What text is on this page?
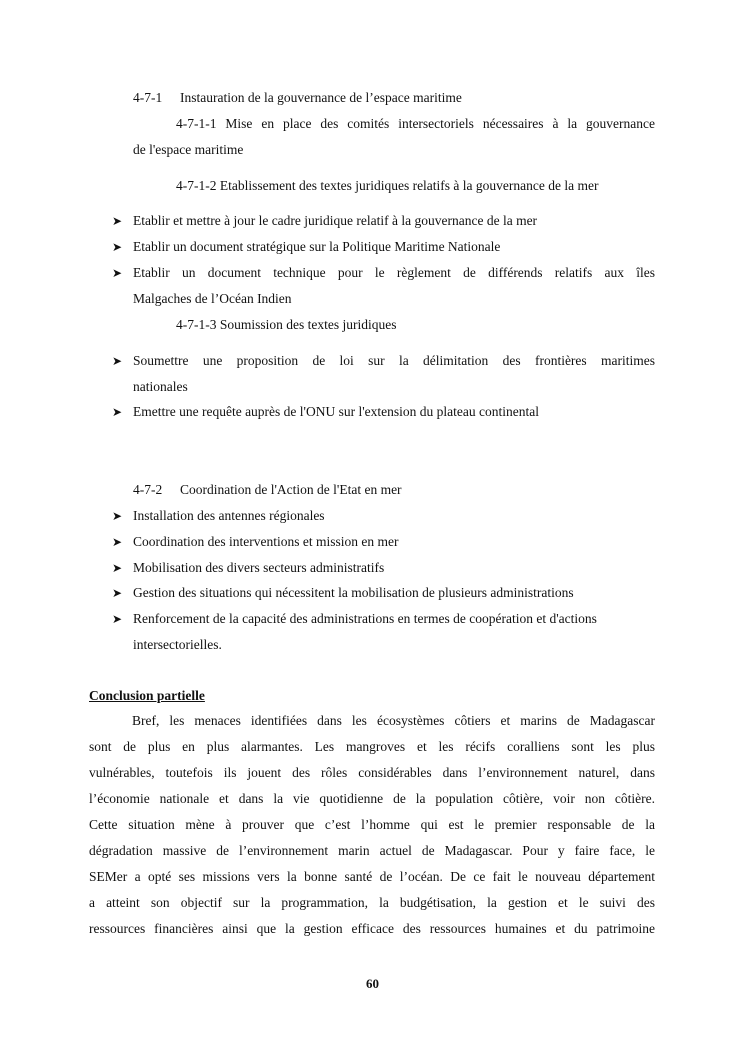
4-7-1 Instauration de la gouvernance de l’espace maritime
4-7-1-1 Mise en place des comités intersectoriels nécessaires à la gouvernance
de l'espace maritime
4-7-1-2 Etablissement des textes juridiques relatifs à la gouvernance de la mer
➤ Etablir et mettre à jour le cadre juridique relatif à la gouvernance de la mer
➤ Etablir un document stratégique sur la Politique Maritime Nationale
➤ Etablir un document technique pour le règlement de différends relatifs aux îles
Malgaches de l’Océan Indien
4-7-1-3 Soumission des textes juridiques
➤ Soumettre une proposition de loi sur la délimitation des frontières maritimes
nationales
➤ Emettre une requête auprès de l'ONU sur l'extension du plateau continental
4-7-2 Coordination de l'Action de l'Etat en mer
➤ Installation des antennes régionales
➤ Coordination des interventions et mission en mer
➤ Mobilisation des divers secteurs administratifs
➤ Gestion des situations qui nécessitent la mobilisation de plusieurs administrations
➤ Renforcement de la capacité des administrations en termes de coopération et d'actions
intersectorielles.
Conclusion partielle
Bref, les menaces identifiées dans les écosystèmes côtiers et marins de Madagascar
sont de plus en plus alarmantes. Les mangroves et les récifs coralliens sont les plus
vulnérables, toutefois ils jouent des rôles considérables dans l’environnement naturel, dans
l’économie nationale et dans la vie quotidienne de la population côtière, voir non côtière.
Cette situation mène à prouver que c’est l’homme qui est le premier responsable de la
dégradation massive de l’environnement marin actuel de Madagascar. Pour y faire face, le
SEMer a opté ses missions vers la bonne santé de l’océan. De ce fait le nouveau département
a atteint son objectif sur la programmation, la budgétisation, la gestion et le suivi des
ressources financières ainsi que la gestion efficace des ressources humaines et du patrimoine
60
